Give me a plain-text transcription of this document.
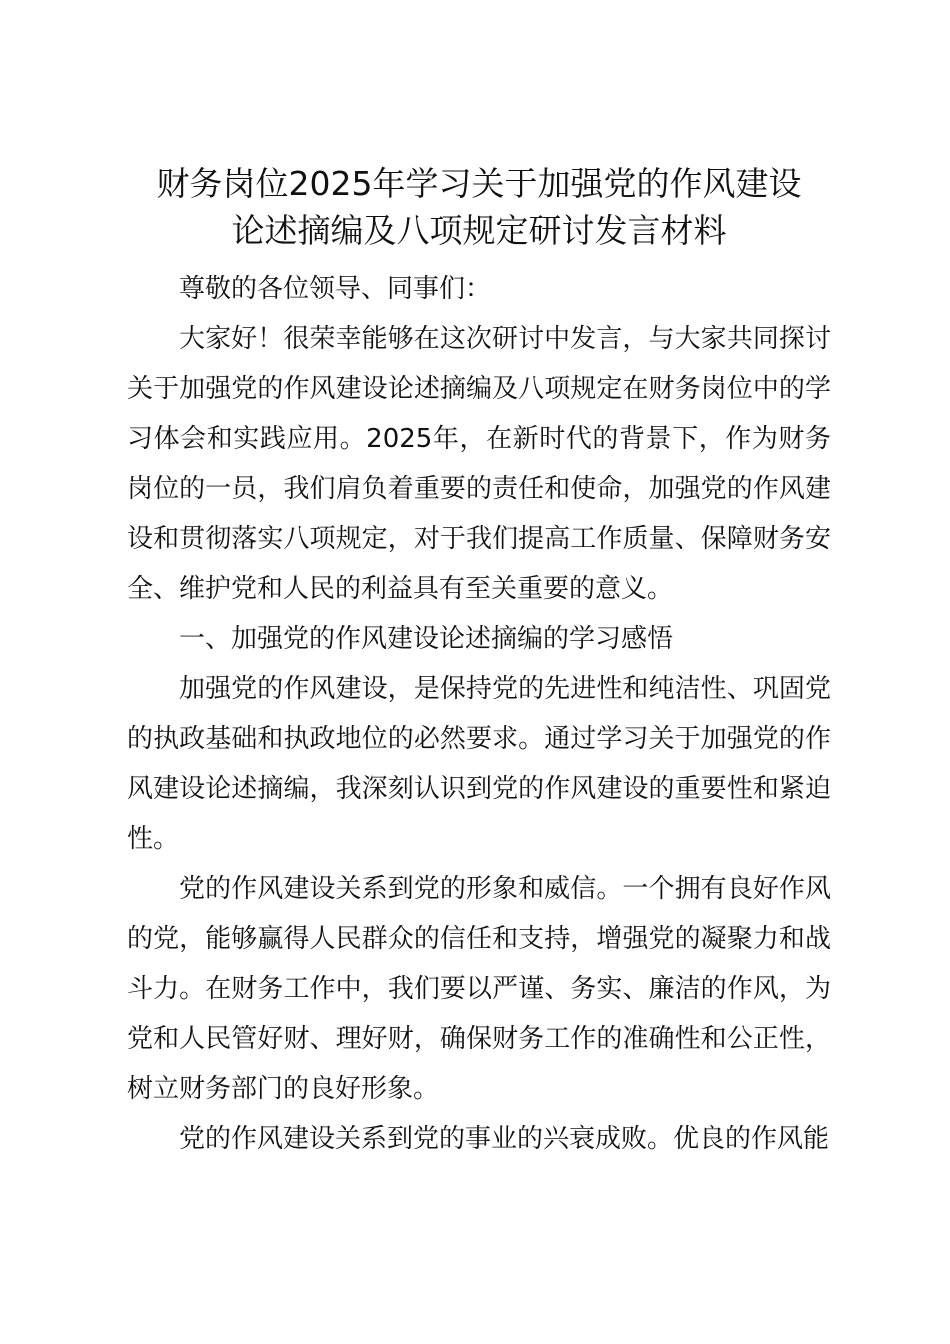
财务岗位2025年学习关于加强党的作风建设
论述摘编及八项规定研讨发言材料

尊敬的各位领导、同事们：

大家好！很荣幸能够在这次研讨中发言，与大家共同探讨关于加强党的作风建设论述摘编及八项规定在财务岗位中的学习体会和实践应用。2025年，在新时代的背景下，作为财务岗位的一员，我们肩负着重要的责任和使命，加强党的作风建设和贯彻落实八项规定，对于我们提高工作质量、保障财务安全、维护党和人民的利益具有至关重要的意义。

一、加强党的作风建设论述摘编的学习感悟

加强党的作风建设，是保持党的先进性和纯洁性、巩固党的执政基础和执政地位的必然要求。通过学习关于加强党的作风建设论述摘编，我深刻认识到党的作风建设的重要性和紧迫性。

党的作风建设关系到党的形象和威信。一个拥有良好作风的党，能够赢得人民群众的信任和支持，增强党的凝聚力和战斗力。在财务工作中，我们要以严谨、务实、廉洁的作风，为党和人民管好财、理好财，确保财务工作的准确性和公正性，树立财务部门的良好形象。

党的作风建设关系到党的事业的兴衰成败。优良的作风能
